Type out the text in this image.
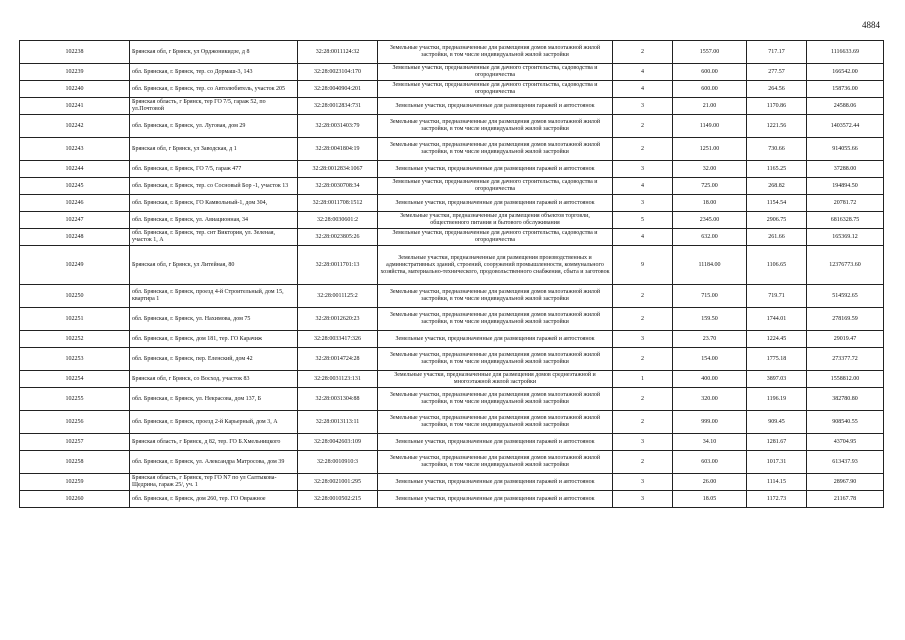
4884
102238	Брянская обл, г Брянск, ул Орджоникидзе, д 8	32:28:0011124:32	Земельные участки, предназначенные для размещения домов малоэтажной жилой застройки, в том числе индивидуальной жилой застройки	2	1557.00	717.17	1116633.69
102239	обл. Брянская, г. Брянск, тер. со Дормаш-3, 143	32:28:0023104:170	Земельные участки, предназначенные для дачного строительства, садоводства и огородничества	4	600.00	277.57	166542.00
102240	обл. Брянская, г. Брянск, тер. со Автолюбитель, участок 205	32:28:0040904:201	Земельные участки, предназначенные для дачного строительства, садоводства и огородничества	4	600.00	264.56	158736.00
102241	Брянская область, г Брянск, тер ГО 7/5, гараж 52, по ул.Почтовой	32:28:0012834:731	Земельные участки, предназначенные для размещения гаражей и автостоянок	3	21.00	1170.86	24588.06
102242	обл. Брянская, г. Брянск, ул. Луговая, дом 29	32:28:0031403:79	Земельные участки, предназначенные для размещения домов малоэтажной жилой застройки, в том числе индивидуальной жилой застройки	2	1149.00	1221.56	1403572.44
102243	Брянская обл, г Брянск, ул Заводская, д 1	32:28:0041804:19	Земельные участки, предназначенные для размещения домов малоэтажной жилой застройки, в том числе индивидуальной жилой застройки	2	1251.00	730.66	914055.66
102244	обл. Брянская, г. Брянск, ГО 7/5, гараж 477	32:28:0012834:1067	Земельные участки, предназначенные для размещения гаражей и автостоянок	3	32.00	1165.25	37288.00
102245	обл. Брянская, г. Брянск, тер. со Сосновый Бор -1, участок 13	32:28:0030708:34	Земельные участки, предназначенные для дачного строительства, садоводства и огородничества	4	725.00	268.82	194894.50
102246	обл. Брянская, г. Брянск, ГО Камвольный-1, дом 304,	32:28:0011708:1512	Земельные участки, предназначенные для размещения гаражей и автостоянок	3	18.00	1154.54	20781.72
102247	обл. Брянская, г. Брянск, ул. Авиационная, 34	32:28:0030601:2	Земельные участки, предназначенные для размещения объектов торговли, общественного питания и бытового обслуживания	5	2345.00	2906.75	6816328.75
102248	обл. Брянская, г. Брянск, тер. снт Виктория, ул. Зеленая, участок 1, А	32:28:0023805:26	Земельные участки, предназначенные для дачного строительства, садоводства и огородничества	4	632.00	261.66	165369.12
102249	Брянская обл, г Брянск, ул Литейная, 80	32:28:0011701:13	Земельные участки, предназначенные для размещения производственных и административных зданий, строений, сооружений промышленности, коммунального хозяйства, материально-технического, продовольственного снабжения, сбыта и заготовок	9	11184.00	1106.65	12376773.60
102250	обл. Брянская, г. Брянск, проезд 4-й Строительный, дом 15, квартира 1	32:28:0011125:2	Земельные участки, предназначенные для размещения домов малоэтажной жилой застройки, в том числе индивидуальной жилой застройки	2	715.00	719.71	514592.65
102251	обл. Брянская, г. Брянск, ул. Нахимова, дом 75	32:28:0012620:23	Земельные участки, предназначенные для размещения домов малоэтажной жилой застройки, в том числе индивидуальной жилой застройки	2	159.50	1744.01	278169.59
102252	обл. Брянская, г. Брянск, дом 181, тер. ГО Карачиж	32:28:0033417:326	Земельные участки, предназначенные для размещения гаражей и автостоянок	3	23.70	1224.45	29019.47
102253	обл. Брянская, г. Брянск, пер. Еленский, дом 42	32:28:0014724:28	Земельные участки, предназначенные для размещения домов малоэтажной жилой застройки, в том числе индивидуальной жилой застройки	2	154.00	1775.18	273377.72
102254	Брянская обл, г Брянск, со Восход, участок 83	32:28:0031123:131	Земельные участки, предназначенные для размещения домов среднеэтажной и многоэтажной жилой застройки	1	400.00	3897.03	1558812.00
102255	обл. Брянская, г. Брянск, ул. Некрасова, дом 137, Б	32:28:0031304:88	Земельные участки, предназначенные для размещения домов малоэтажной жилой застройки, в том числе индивидуальной жилой застройки	2	320.00	1196.19	382780.80
102256	обл. Брянская, г. Брянск, проезд 2-й Карьерный, дом 3, А	32:28:0013113:11	Земельные участки, предназначенные для размещения домов малоэтажной жилой застройки, в том числе индивидуальной жилой застройки	2	999.00	909.45	908540.55
102257	Брянская область, г Брянск, д 82, тер. ГО Б.Хмельницкого	32:28:0042603:109	Земельные участки, предназначенные для размещения гаражей и автостоянок	3	34.10	1281.67	43704.95
102258	обл. Брянская, г. Брянск, ул. Александра Матросова, дом 39	32:28:0010910:3	Земельные участки, предназначенные для размещения домов малоэтажной жилой застройки, в том числе индивидуальной жилой застройки	2	603.00	1017.31	613437.93
102259	Брянская область, г Брянск, тер ГО N7 по ул Салтыкова-Щедрина, гараж 25/, уч. 1	32:28:0021001:295	Земельные участки, предназначенные для размещения гаражей и автостоянок	3	26.00	1114.15	28967.90
102260	обл. Брянская, г. Брянск, дом 260, тер. ГО Овражное	32:28:0010502:215	Земельные участки, предназначенные для размещения гаражей и автостоянок	3	18.05	1172.73	21167.78
